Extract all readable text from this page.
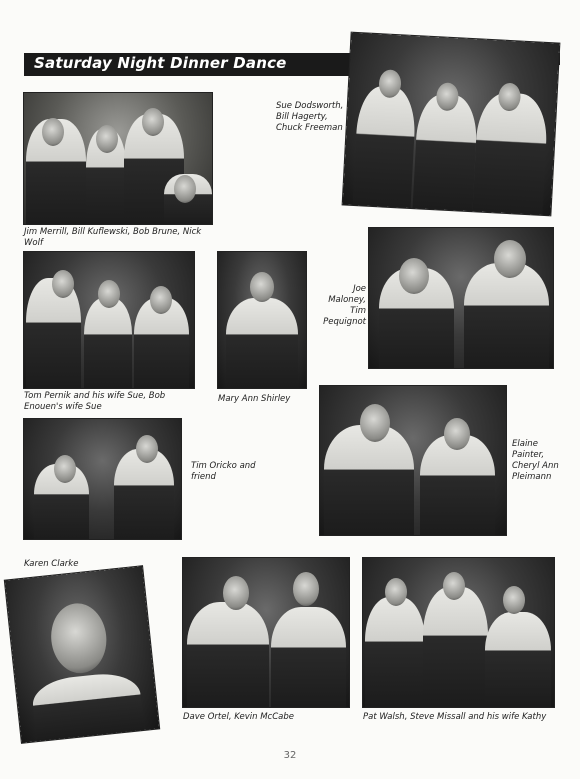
Saturday Night Dinner Dance
Sue Dodsworth, Bill Hagerty, Chuck Freeman
Jim Merrill, Bill Kuflewski, Bob Brune, Nick Wolf
Joe Maloney, Tim Pequignot
Tom Pernik and his wife Sue, Bob Enouen's wife Sue
Mary Ann Shirley
Tim Oricko and friend
Elaine Painter, Cheryl Ann Pleimann
Karen Clarke
Dave Ortel, Kevin McCabe	Pat Walsh, Steve Missall and his wife Kathy
32
